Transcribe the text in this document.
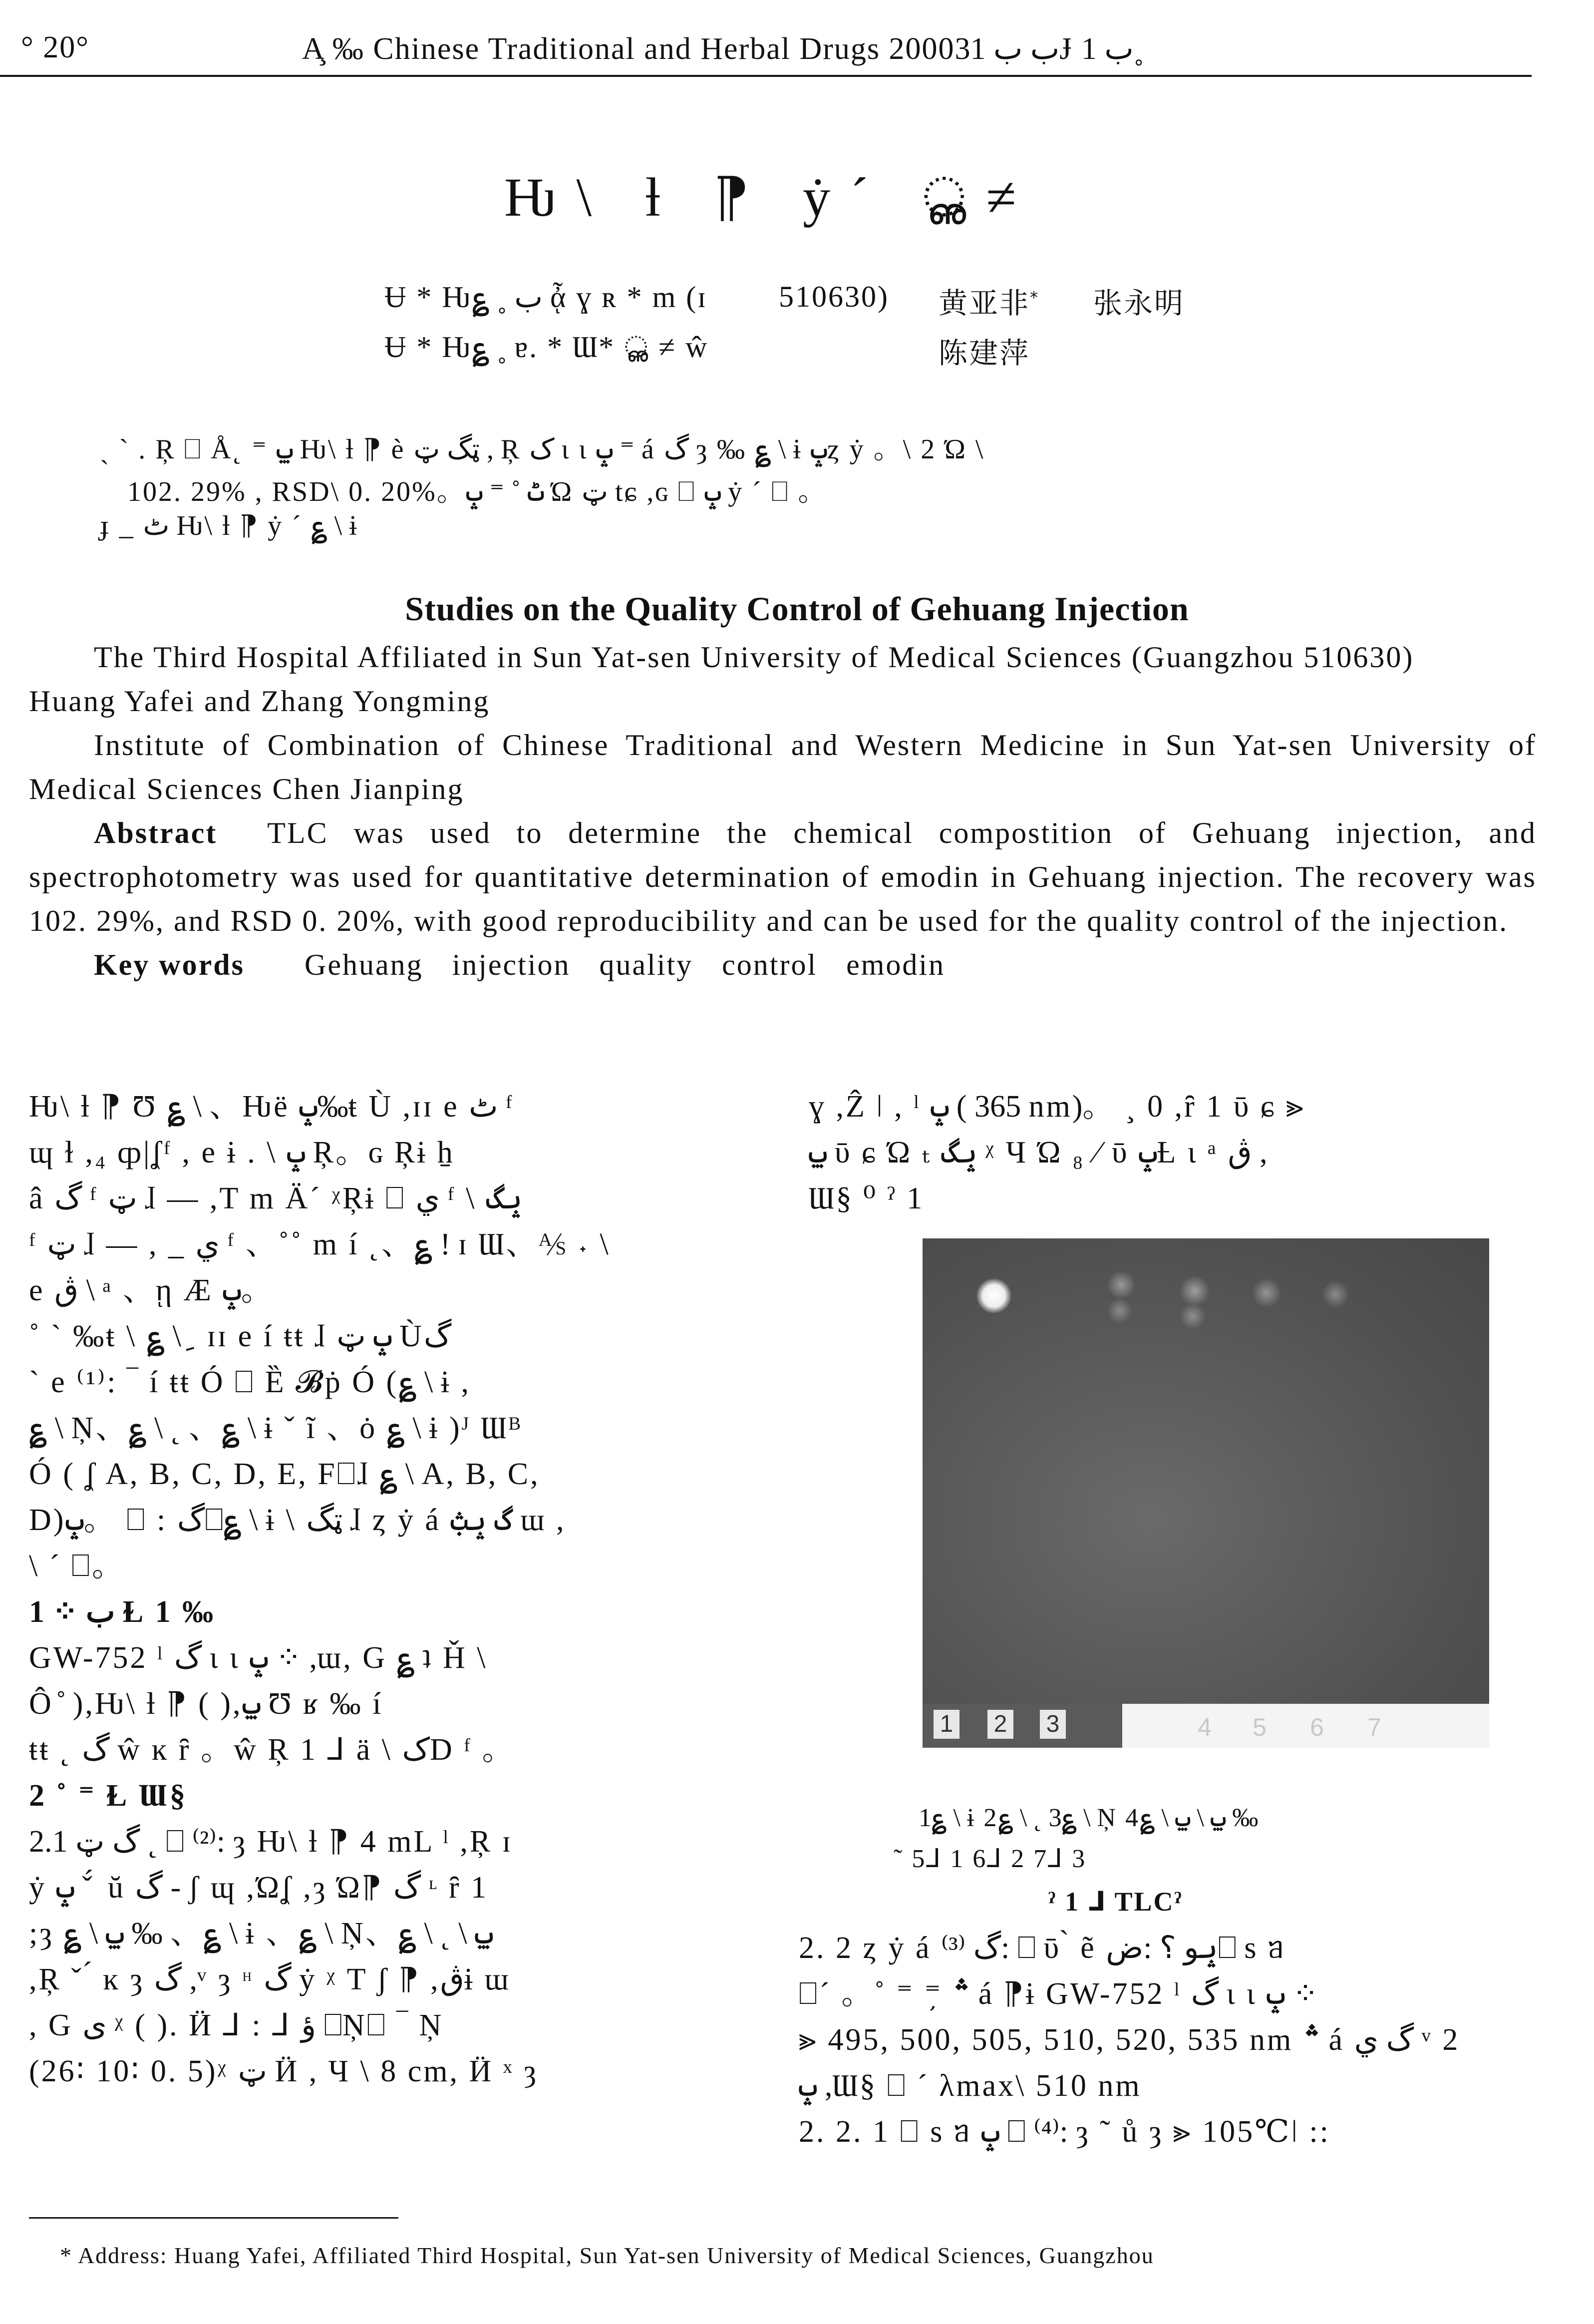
° 20°	A̧ ‰ Chinese Traditional and Herbal Drugs 2000ب ب 31Ɉ ب 1˳
Ƕ\ ƚ ⁋ ẏ´ ൢ≠
Ʉ * Ƕ؏ ˳ ب ᾆ ɣ ʀ * m (ɪ 510630) 黄亚非* 张永明
Ʉ * Ƕ؏ ˳ ɐ. * Ɯ* ൢ ≠ ŵ	陈建萍
ˏ ˋ . Ŗ ⎕ Å˛ ⁼ ݐ Ƕ\ ƚ ⁋ è ټگ ټ , Ŗ ک ɩ ɩ ݒ ⁼ á گ ȝ ‰ ؏ \ ɨ ݒȥ ẏ 。\ 2 Ώ \
102. 29% , RSD\ 0. 20%。ٹ ˚ ⁼ ݒ Ώ ټ tɕ ,ɢ ⎕ ݒ ẏ ´ ⎕ 。
ɟ _ ٹ Ƕ\ ƚ ⁋ ẏ ´ ؏ \ ɨ
Studies on the Quality Control of Gehuang Injection
The Third Hospital Affiliated in Sun Yat-sen University of Medical Sciences (Guangzhou 510630)
Huang Yafei and Zhang Yongming
Institute of Combination of Chinese Traditional and Western Medicine in Sun Yat-sen University of Medical Sciences Chen Jianping
Abstract TLC was used to determine the chemical compostition of Gehuang injection, and spectrophotometry was used for quantitative determination of emodin in Gehuang injection. The recovery was 102. 29%, and RSD 0. 20%, with good reproducibility and can be used for the quality control of the injection.
Key words Gehuang injection quality control emodin
Ƕ\ ƚ ⁋ Ʊ ؏ \ 、Ƕë ݒ‰ŧ Ù ,ɪɪ e ٹ ᶠ
ɰ ɫ ,₄ ȹ|ʆᶠ , e ɨ . \ ݒ Ŗ。ɢ Ŗɨ ẖ
â گ ᶠ ټ ɺ — ,T m Ä´ ᵡŖɨ ⎕ ي ᶠ \ ݒگ
ᶠ ټ ɺ — , _ ي ᶠ 、˚˚ m í ˛、؏ ! ɪ Ɯ、⅍ ˖ \
e ڨ \ ᵃ 、ῃ Æ ݒ。
˚ ˋ ‰ŧ \ ؏ \ ِ ɪɪ e í ŧŧ ɺ ݒ ټ Ùگ
ˋ e ⁽¹⁾: ‾ í ŧŧ Ó ⎕ Ȅ 𝓑ṗ Ó (؏ \ ɨ ,
؏ \ Ņ、؏ \ ˛ 、؏ \ ɨ ˇ ĩ 、ȯ ؏ \ ɨ )ᴶ Ɯᴮ
Ó ( ʆ A, B, C, D, E, F⎕ɺ ؏ \ A, B, C,
D)ݒ。 ⎕ : گ⎕؏ \ ɨ \ ټگ ɺ ȥ ẏ á گ ݒݑ ɯ ,
\ ´ ⎕。
1 ⁘ ب Ɫ 1 ‰
GW-752 ˡ گ ɩ ɩ ݒ ⁘ ,ɯ, G ؏ ʇ Ȟ \
Ô ̊ ),Ƕ\ ƚ ⁋ ( ),ݐ Ʊ ʁ ‰ í
ŧŧ ˛ گ ŵ ĸ ȓ 。ŵ Ŗ 1 ⅃ ä \ کD ᶠ 。
2 ˚ ⁼ Ɫ Ɯ§
2.1 گ ټ ˛ ⎕ ⁽²⁾: ȝ Ƕ\ ƚ ⁋ 4 mL ˡ ,Ŗ ɪ
ẏ ݒ ˇ ́ ŭ گ - ʃ ɰ ,Ώʆ ,ȝ Ώ⁋ گ ᶫ ȓ 1
;ȝ ؏ \ ݐ ‰ 、؏ \ ɨ 、؏ \ Ņ、؏ \ ˛ \ ݐ
,Ŗ ˇ ́ ĸ ȝ گ ,ᵛ ȝ ᵸ گ ẏ ᵡ T ʃ ⁋ ,ڨɨ ɯ
, G ی ᵡ ( ). Ӥ ⅃ : ⅃ ؤ ⎕Ņ⎕ ‾ Ņ
(26∶ 10∶ 0. 5)ᵡ ټ Ӥ , Ч \ 8 cm, Ӥ ˣ ȝ
ɣ ,Ẑ ǀ , ˡ ݒ ( 365 nm)。 ¸ 0 ,ȓ 1 ῡ ɕ ⪢
ݐ ῡ ɕ Ώ ₜ ݒگ ᵡ Ч Ώ ₈ ⁄ ῡ ݒȽ ɩ ᵃ ڨ ,
Ɯ§ ⁰ ˀ 1
1 2 3	4	5	6	7
1؏ \ ɨ 2؏ \ ˛ 3؏ \ Ņ 4؏ \ ݐ \ ݐ ‰
˜ 5⅃ 1 6⅃ 2 7⅃ 3
ˀ 1 ⅃ TLCˀ
2. 2 ȥ ẏ á گ ⁽³⁾: ⎕ ῡ ̀ ẽ ݒو ؟ :ض⎕ s ᥑ
⎕´ 。˚ ⁼ ⁼̦ ؞ á ⁋ɨ GW-752 ˡ گ ɩ ɩ ݒ ⁘
⪢ 495, 500, 505, 510, 520, 535 nm ؞ á گ ي ᵛ 2
ݒ ,Ɯ§ ⎕ ´ λmax\ 510 nm
2. 2. 1 ⎕ s ᥑ ݒ ⎕ ⁽⁴⁾: ȝ ˜ ů ȝ ⪢ 105℃ǀ ::
* Address: Huang Yafei, Affiliated Third Hospital, Sun Yat-sen University of Medical Sciences, Guangzhou
